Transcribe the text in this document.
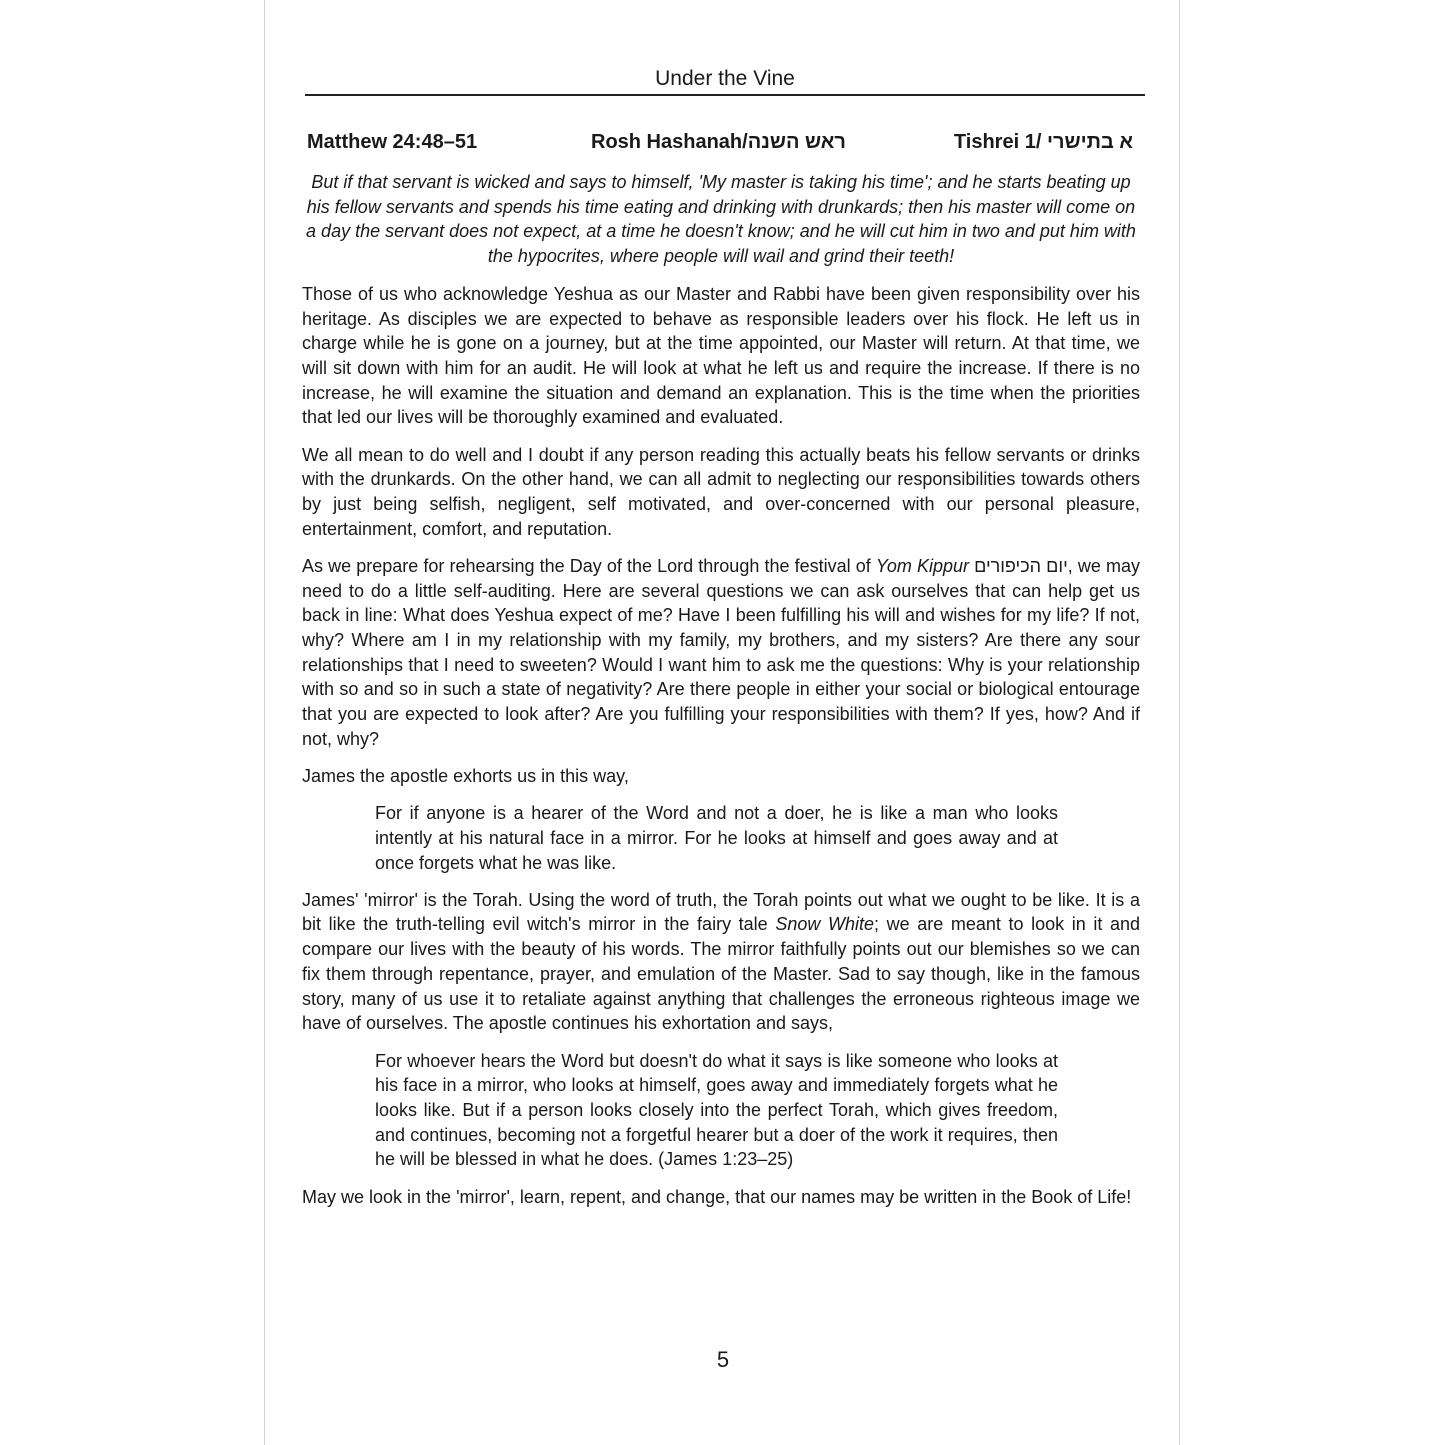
Under the Vine
Matthew 24:48–51	Rosh Hashanah/ראש השנה	Tishrei 1/ א בתישרי

But if that servant is wicked and says to himself, 'My master is taking his time'; and he starts beating up his fellow servants and spends his time eating and drinking with drunkards; then his master will come on a day the servant does not expect, at a time he doesn't know; and he will cut him in two and put him with the hypocrites, where people will wail and grind their teeth!

Those of us who acknowledge Yeshua as our Master and Rabbi have been given responsibility over his heritage. As disciples we are expected to behave as responsible leaders over his flock. He left us in charge while he is gone on a journey, but at the time appointed, our Master will return. At that time, we will sit down with him for an audit. He will look at what he left us and require the increase. If there is no increase, he will examine the situation and demand an explanation. This is the time when the priorities that led our lives will be thoroughly examined and evaluated.

We all mean to do well and I doubt if any person reading this actually beats his fellow servants or drinks with the drunkards. On the other hand, we can all admit to neglecting our responsibilities towards others by just being selfish, negligent, self motivated, and over-concerned with our personal pleasure, entertainment, comfort, and reputation.

As we prepare for rehearsing the Day of the Lord through the festival of Yom Kippur יום הכיפורים, we may need to do a little self-auditing. Here are several questions we can ask ourselves that can help get us back in line: What does Yeshua expect of me? Have I been fulfilling his will and wishes for my life? If not, why? Where am I in my relationship with my family, my brothers, and my sisters? Are there any sour relationships that I need to sweeten? Would I want him to ask me the questions: Why is your relationship with so and so in such a state of negativity? Are there people in either your social or biological entourage that you are expected to look after? Are you fulfilling your responsibilities with them? If yes, how? And if not, why?

James the apostle exhorts us in this way,

For if anyone is a hearer of the Word and not a doer, he is like a man who looks intently at his natural face in a mirror. For he looks at himself and goes away and at once forgets what he was like.

James' 'mirror' is the Torah. Using the word of truth, the Torah points out what we ought to be like. It is a bit like the truth-telling evil witch's mirror in the fairy tale Snow White; we are meant to look in it and compare our lives with the beauty of his words. The mirror faithfully points out our blemishes so we can fix them through repentance, prayer, and emulation of the Master. Sad to say though, like in the famous story, many of us use it to retaliate against anything that challenges the erroneous righteous image we have of ourselves. The apostle continues his exhortation and says,

For whoever hears the Word but doesn't do what it says is like someone who looks at his face in a mirror, who looks at himself, goes away and immediately forgets what he looks like. But if a person looks closely into the perfect Torah, which gives freedom, and continues, becoming not a forgetful hearer but a doer of the work it requires, then he will be blessed in what he does. (James 1:23–25)

May we look in the 'mirror', learn, repent, and change, that our names may be written in the Book of Life!

5
